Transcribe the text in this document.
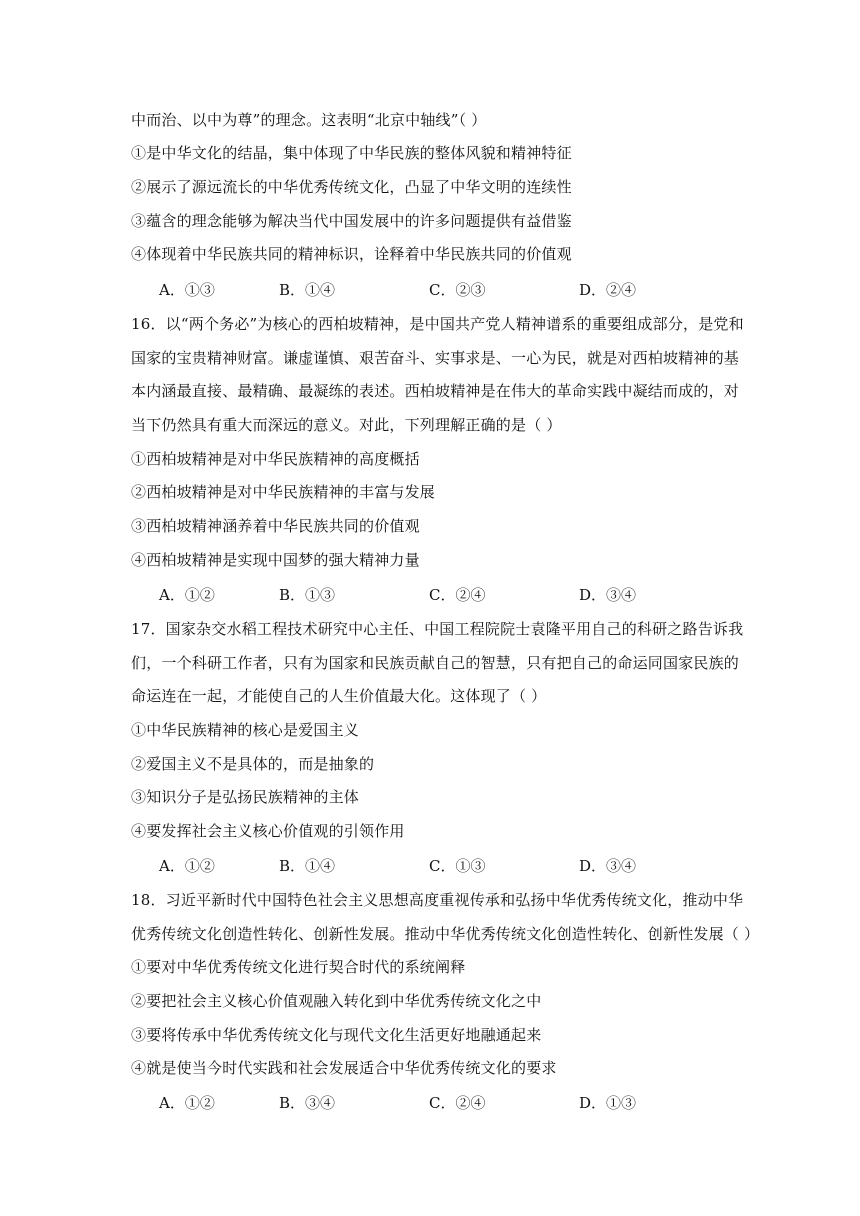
中而治、以中为尊”的理念。这表明“北京中轴线”（ ）
①是中华文化的结晶，集中体现了中华民族的整体风貌和精神特征
②展示了源远流长的中华优秀传统文化，凸显了中华文明的连续性
③蕴含的理念能够为解决当代中国发展中的许多问题提供有益借鉴
④体现着中华民族共同的精神标识，诠释着中华民族共同的价值观
A．①③	B．①④	C．②③	D．②④
16．以“两个务必”为核心的西柏坡精神，是中国共产党人精神谱系的重要组成部分，是党和
国家的宝贵精神财富。谦虚谨慎、艰苦奋斗、实事求是、一心为民，就是对西柏坡精神的基
本内涵最直接、最精确、最凝练的表述。西柏坡精神是在伟大的革命实践中凝结而成的，对
当下仍然具有重大而深远的意义。对此，下列理解正确的是（ ）
①西柏坡精神是对中华民族精神的高度概括
②西柏坡精神是对中华民族精神的丰富与发展
③西柏坡精神涵养着中华民族共同的价值观
④西柏坡精神是实现中国梦的强大精神力量
A．①②	B．①③	C．②④	D．③④
17．国家杂交水稻工程技术研究中心主任、中国工程院院士袁隆平用自己的科研之路告诉我
们，一个科研工作者，只有为国家和民族贡献自己的智慧，只有把自己的命运同国家民族的
命运连在一起，才能使自己的人生价值最大化。这体现了（ ）
①中华民族精神的核心是爱国主义
②爱国主义不是具体的，而是抽象的
③知识分子是弘扬民族精神的主体
④要发挥社会主义核心价值观的引领作用
A．①②	B．①④	C．①③	D．③④
18．习近平新时代中国特色社会主义思想高度重视传承和弘扬中华优秀传统文化，推动中华
优秀传统文化创造性转化、创新性发展。推动中华优秀传统文化创造性转化、创新性发展（ ）
①要对中华优秀传统文化进行契合时代的系统阐释
②要把社会主义核心价值观融入转化到中华优秀传统文化之中
③要将传承中华优秀传统文化与现代文化生活更好地融通起来
④就是使当今时代实践和社会发展适合中华优秀传统文化的要求
A．①②	B．③④	C．②④	D．①③
